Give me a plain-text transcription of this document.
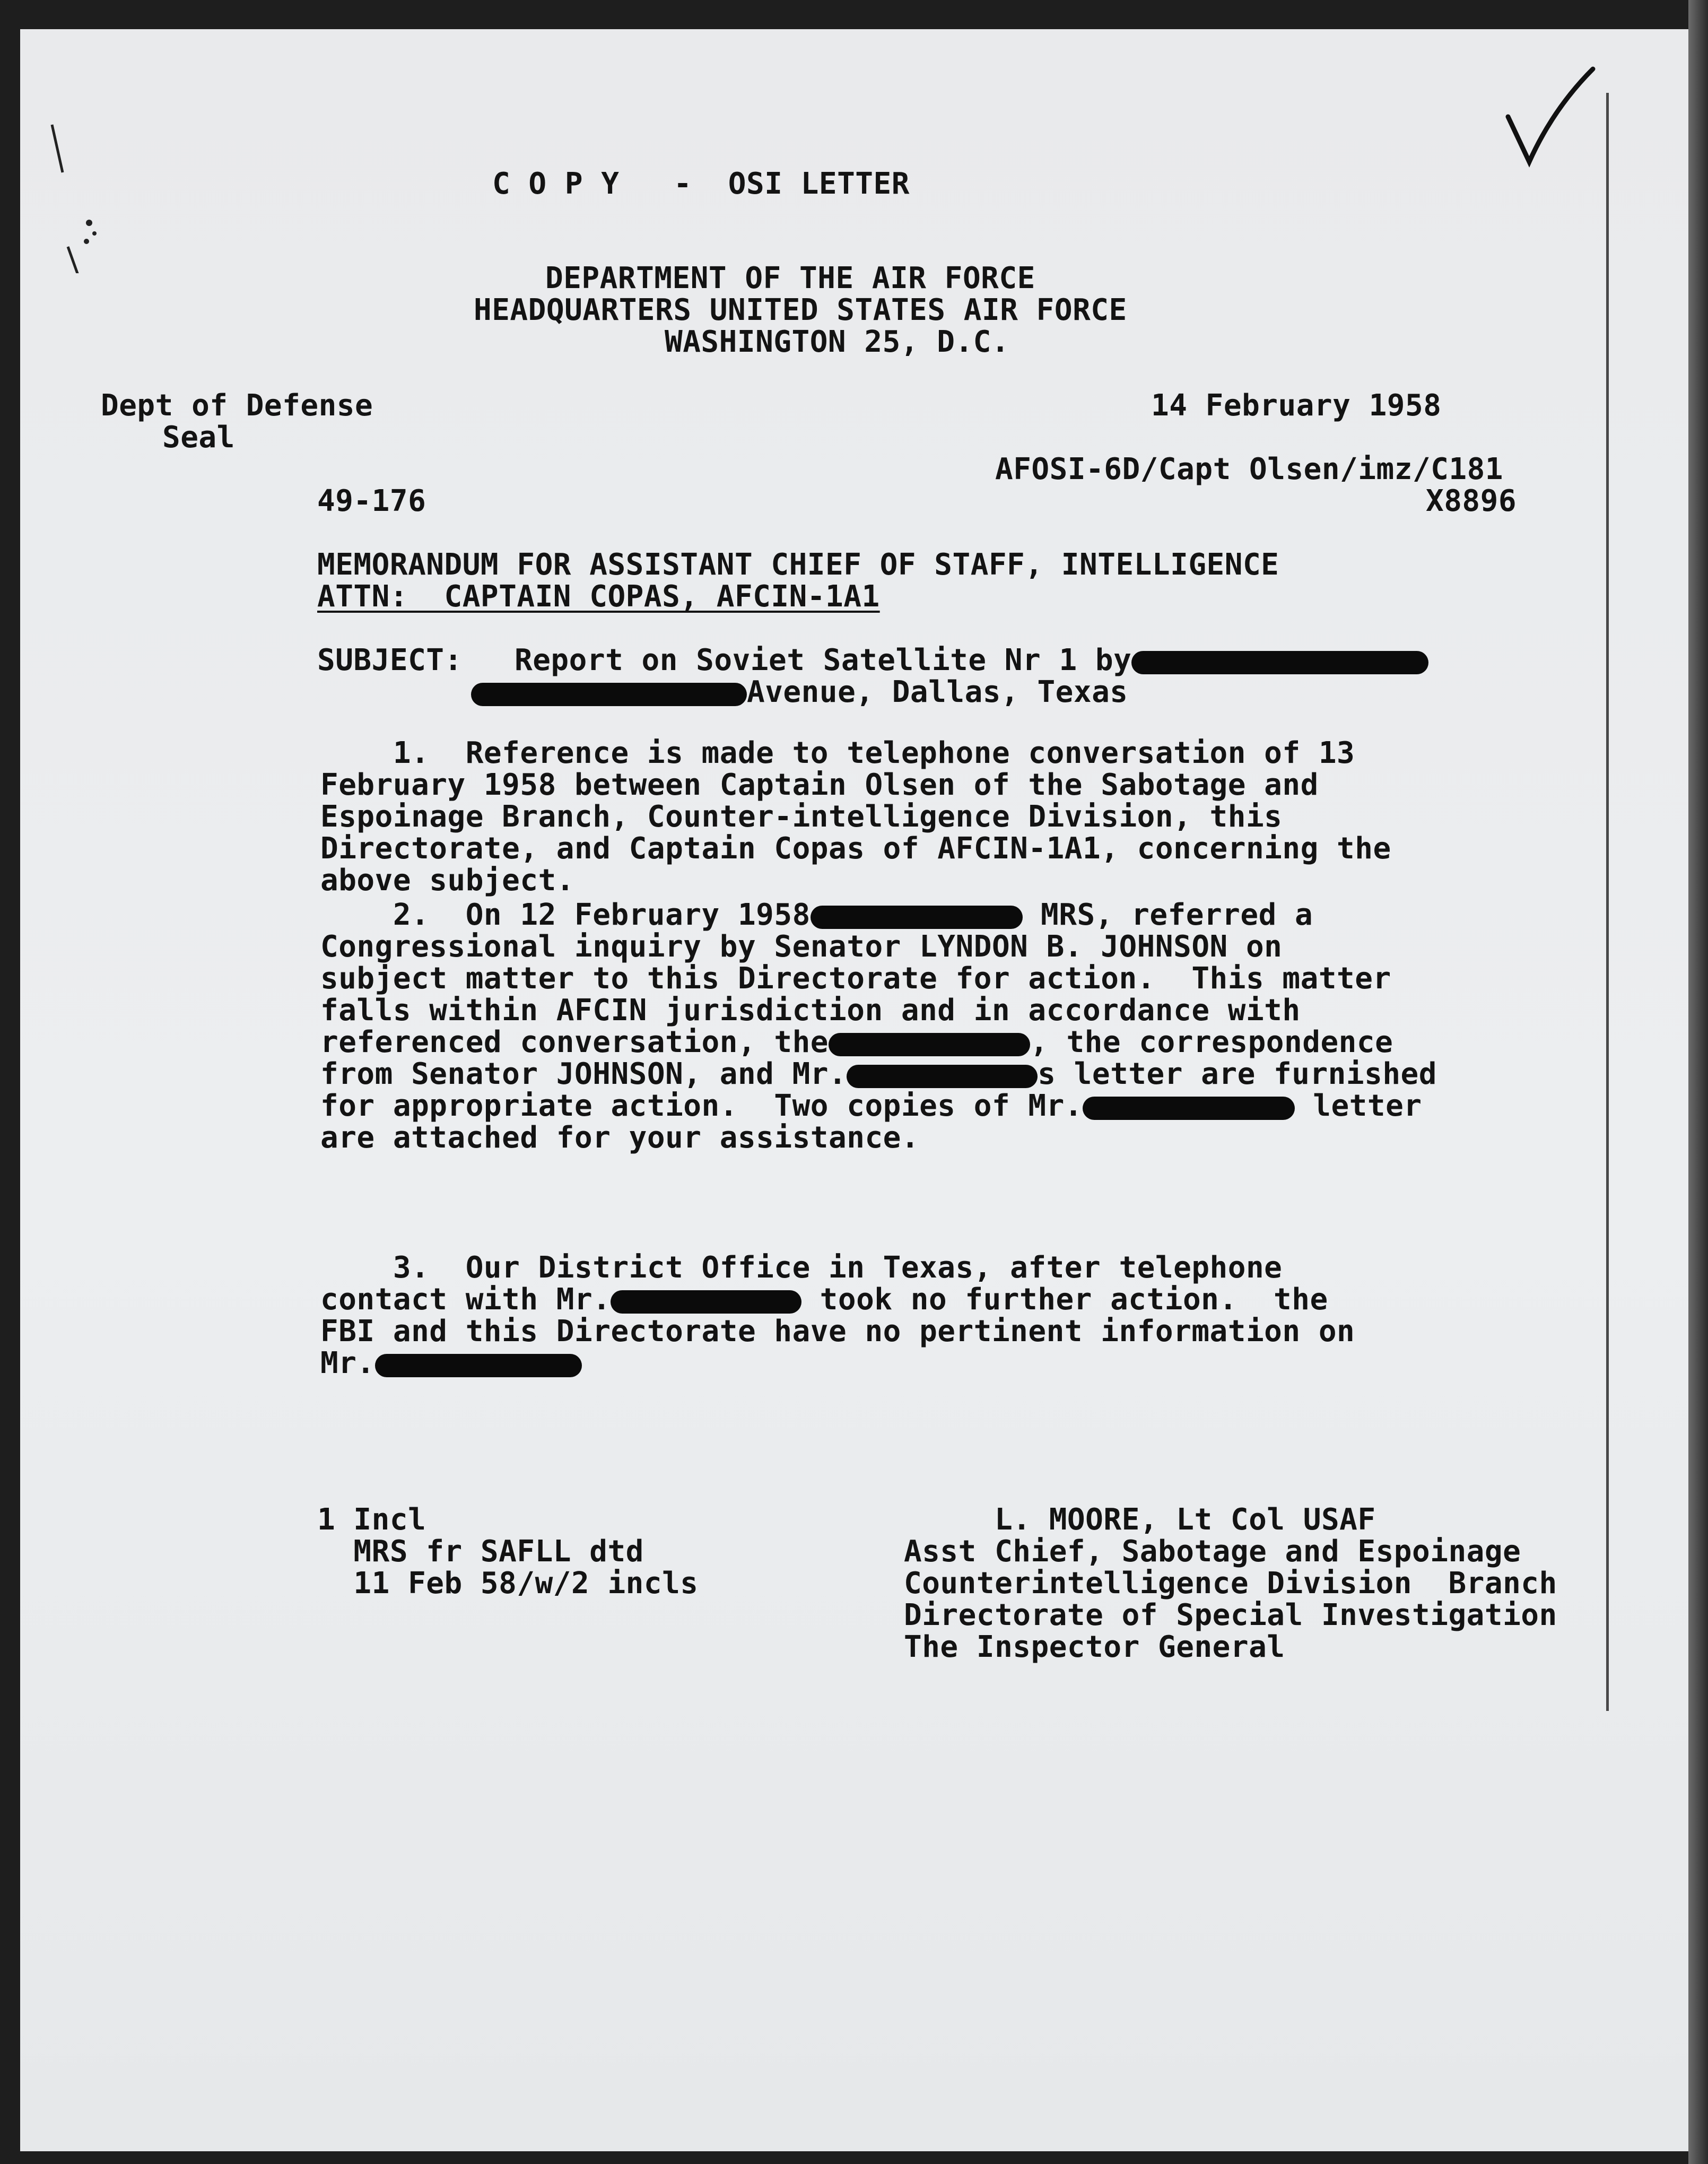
C O P Y   -  OSI LETTER
DEPARTMENT OF THE AIR FORCE
HEADQUARTERS UNITED STATES AIR FORCE
WASHINGTON 25, D.C.
Dept of Defense
Seal
49-176
14 February 1958
AFOSI-6D/Capt Olsen/imz/C181
X8896
MEMORANDUM FOR ASSISTANT CHIEF OF STAFF, INTELLIGENCE
ATTN:  CAPTAIN COPAS, AFCIN-1A1
SUBJECT: Report on Soviet Satellite Nr 1 by
Avenue, Dallas, Texas
1.  Reference is made to telephone conversation of 13
February 1958 between Captain Olsen of the Sabotage and
Espoinage Branch, Counter-intelligence Division, this
Directorate, and Captain Copas of AFCIN-1A1, concerning the
above subject.
2.  On 12 February 1958	MRS, referred a
Congressional inquiry by Senator LYNDON B. JOHNSON on
subject matter to this Directorate for action.  This matter
falls within AFCIN jurisdiction and in accordance with
referenced conversation, the	, the correspondence
from Senator JOHNSON, and Mr.	s letter are furnished
for appropriate action.  Two copies of Mr.	letter
are attached for your assistance.
3.  Our District Office in Texas, after telephone
contact with Mr.	took no further action.  the
FBI and this Directorate have no pertinent information on
Mr.
1 Incl
MRS fr SAFLL dtd
11 Feb 58/w/2 incls
L. MOORE, Lt Col USAF
Asst Chief, Sabotage and Espoinage
Counterintelligence Division  Branch
Directorate of Special Investigation
The Inspector General
